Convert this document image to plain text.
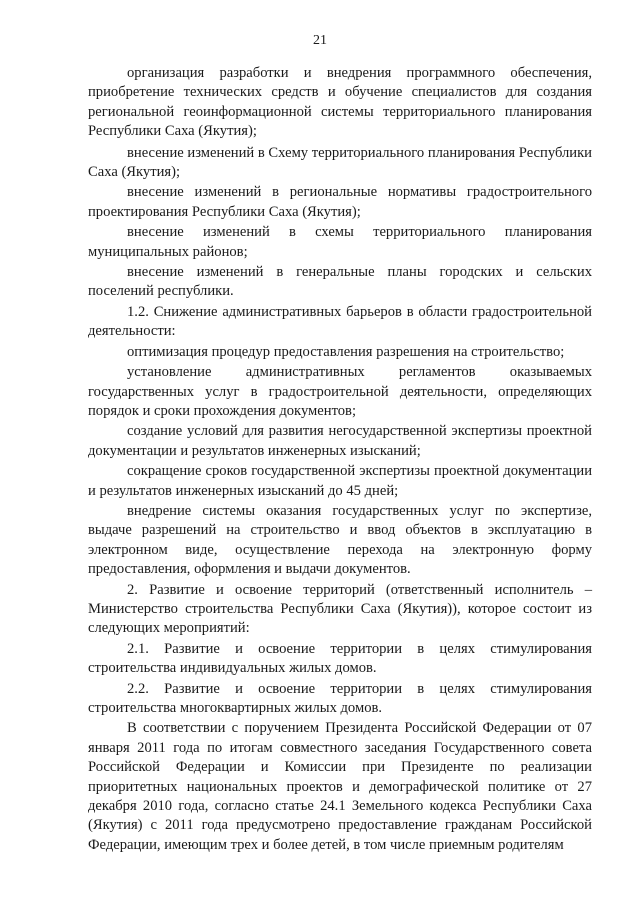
21

организация разработки и внедрения программного обеспечения, приобретение технических средств и обучение специалистов для создания региональной геоинформационной системы территориального планирования Республики Саха (Якутия);

внесение изменений в Схему территориального планирования Республики Саха (Якутия);

внесение изменений в региональные нормативы градостроительного проектирования Республики Саха (Якутия);

внесение изменений в схемы территориального планирования муниципальных районов;

внесение изменений в генеральные планы городских и сельских поселений республики.

1.2. Снижение административных барьеров в области градостроительной деятельности:

оптимизация процедур предоставления разрешения на строительство;

установление административных регламентов оказываемых государственных услуг в градостроительной деятельности, определяющих порядок и сроки прохождения документов;

создание условий для развития негосударственной экспертизы проектной документации и результатов инженерных изысканий;

сокращение сроков государственной экспертизы проектной документации и результатов инженерных изысканий до 45 дней;

внедрение системы оказания государственных услуг по экспертизе, выдаче разрешений на строительство и ввод объектов в эксплуатацию в электронном виде, осуществление перехода на электронную форму предоставления, оформления и выдачи документов.

2. Развитие и освоение территорий (ответственный исполнитель – Министерство строительства Республики Саха (Якутия)), которое состоит из следующих мероприятий:

2.1. Развитие и освоение территории в целях стимулирования строительства индивидуальных жилых домов.

2.2. Развитие и освоение территории в целях стимулирования строительства многоквартирных жилых домов.

В соответствии с поручением Президента Российской Федерации от 07 января 2011 года по итогам совместного заседания Государственного совета Российской Федерации и Комиссии при Президенте по реализации приоритетных национальных проектов и демографической политике от 27 декабря 2010 года, согласно статье 24.1 Земельного кодекса Республики Саха (Якутия) с 2011 года предусмотрено предоставление гражданам Российской Федерации, имеющим трех и более детей, в том числе приемным родителям
